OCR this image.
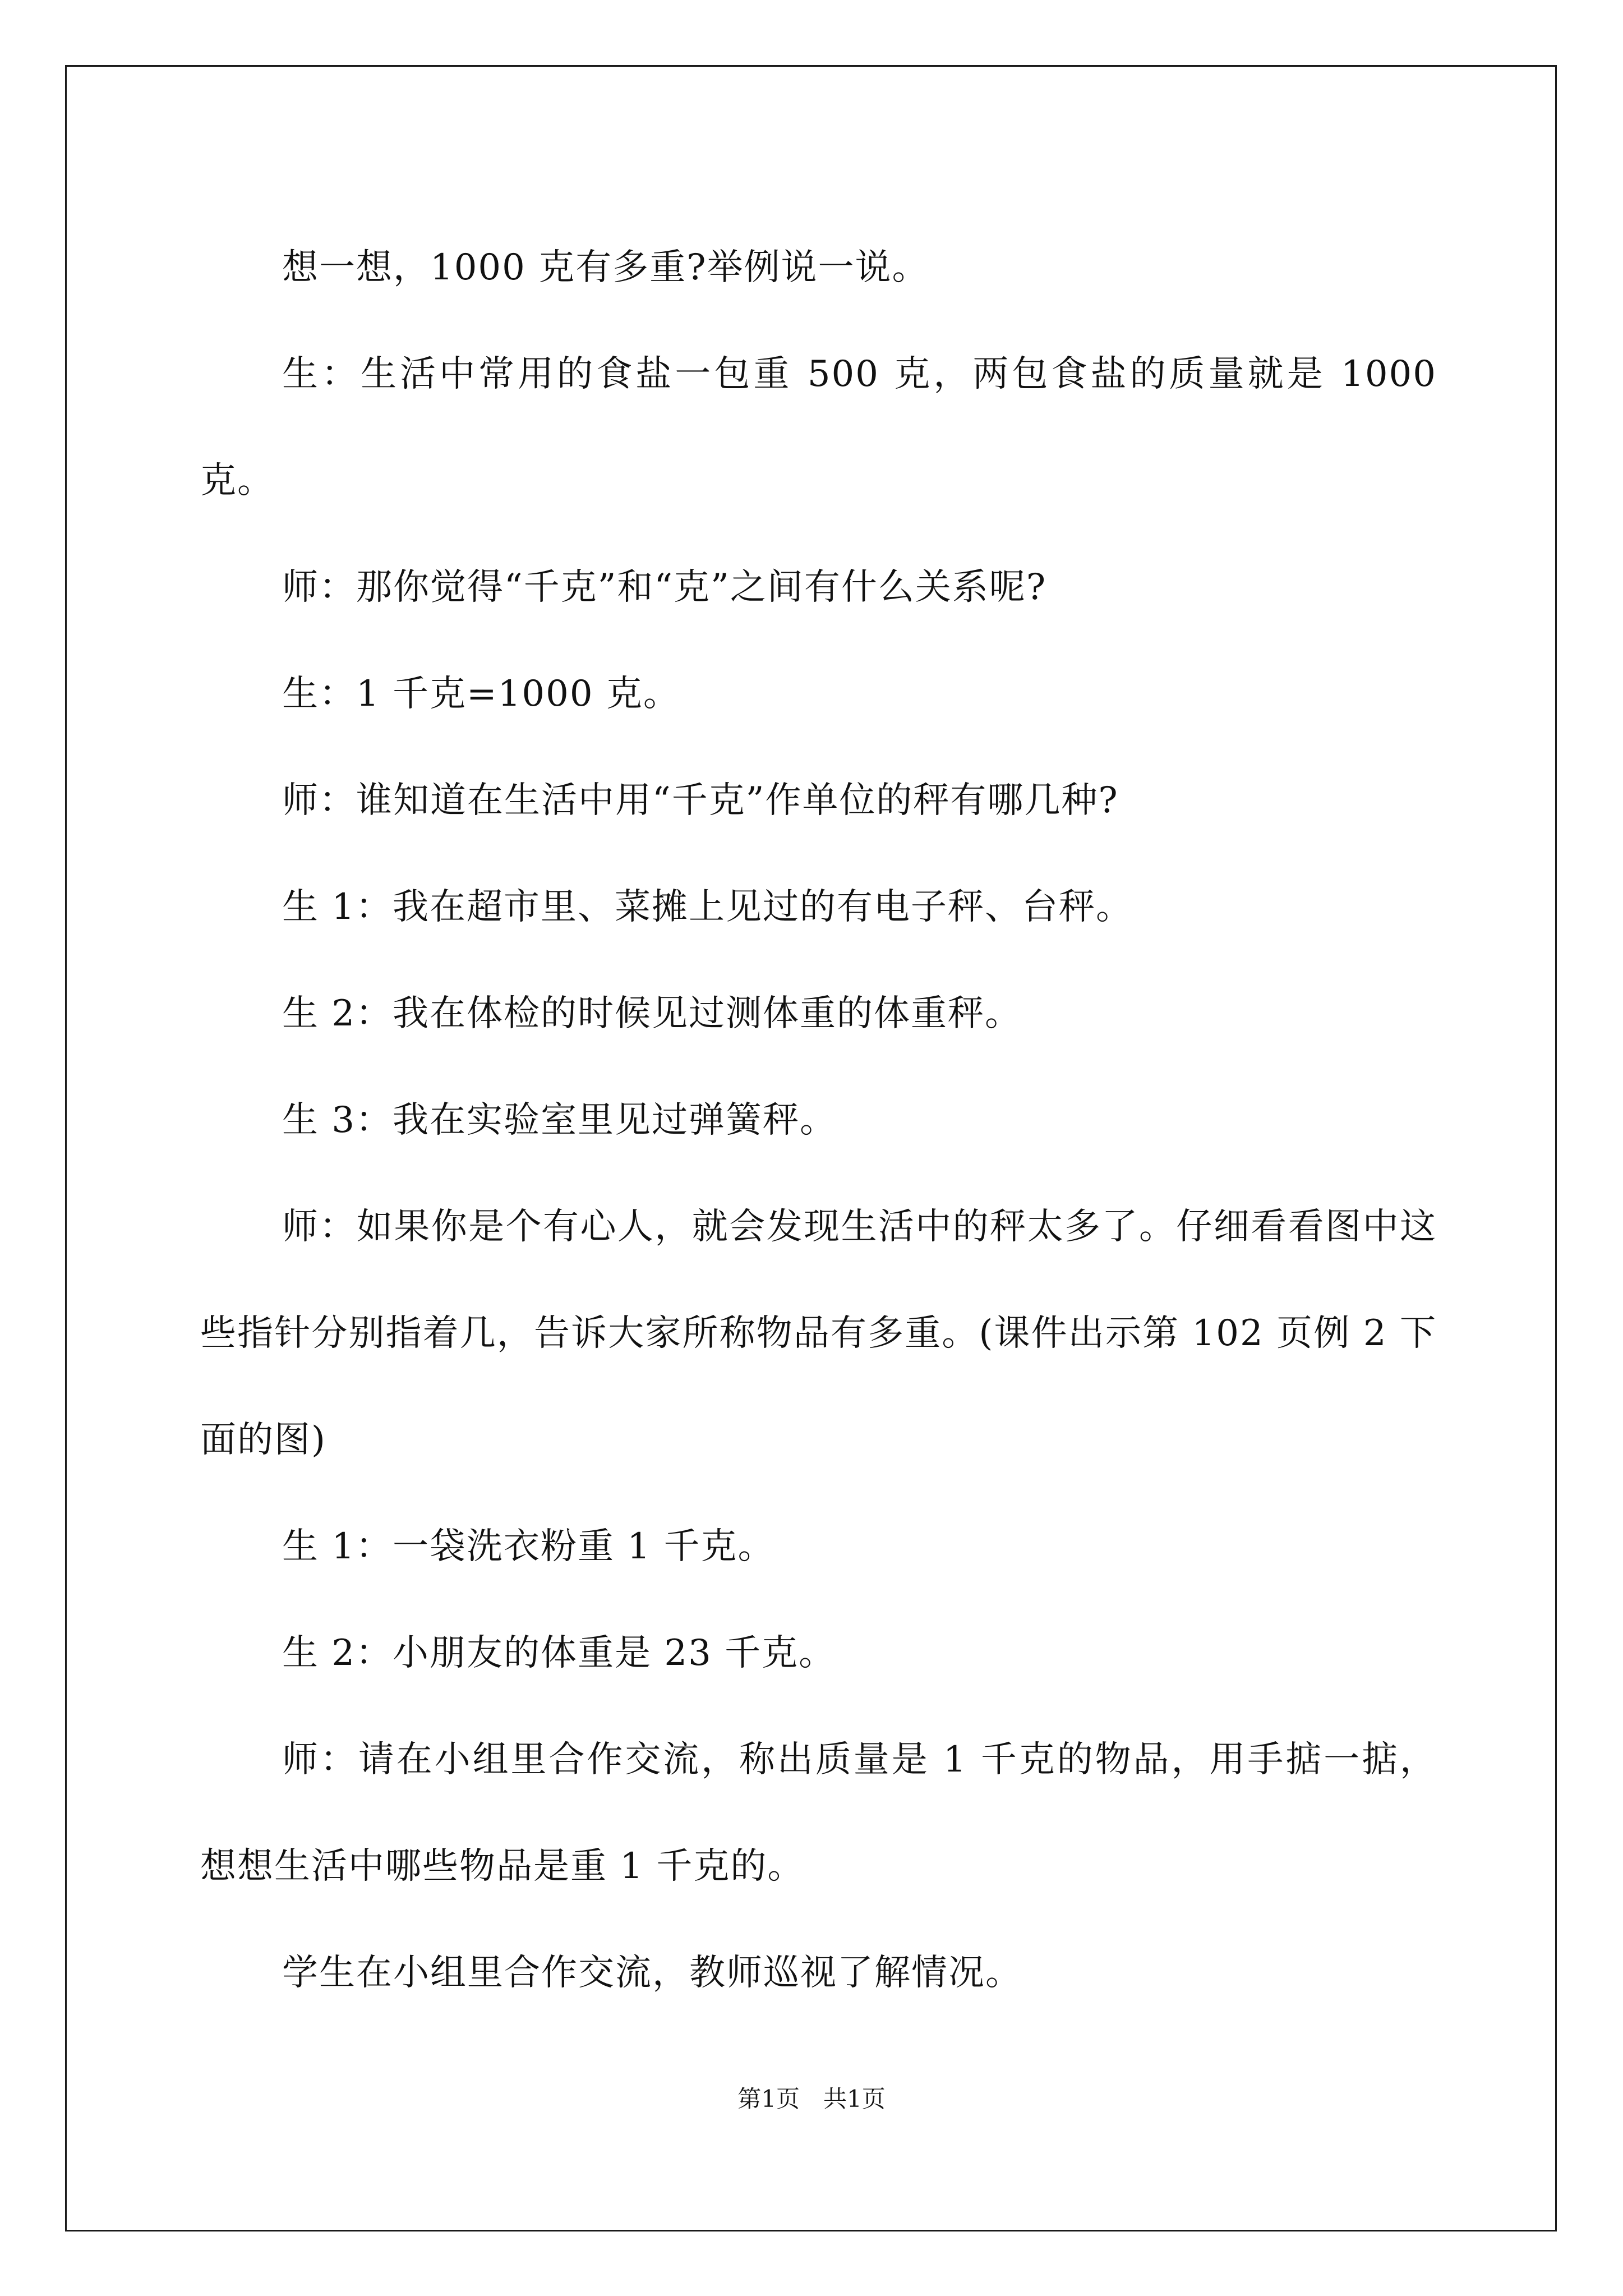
想一想，1000 克有多重?举例说一说。

生：生活中常用的食盐一包重 500 克，两包食盐的质量就是 1000 克。

师：那你觉得“千克”和“克”之间有什么关系呢?

生：1 千克=1000 克。

师：谁知道在生活中用“千克”作单位的秤有哪几种?

生 1：我在超市里、菜摊上见过的有电子秤、台秤。

生 2：我在体检的时候见过测体重的体重秤。

生 3：我在实验室里见过弹簧秤。

师：如果你是个有心人，就会发现生活中的秤太多了。仔细看看图中这些指针分别指着几，告诉大家所称物品有多重。(课件出示第 102 页例 2 下面的图)

生 1：一袋洗衣粉重 1 千克。

生 2：小朋友的体重是 23 千克。

师：请在小组里合作交流，称出质量是 1 千克的物品，用手掂一掂，想想生活中哪些物品是重 1 千克的。

学生在小组里合作交流，教师巡视了解情况。

第1页　共1页
